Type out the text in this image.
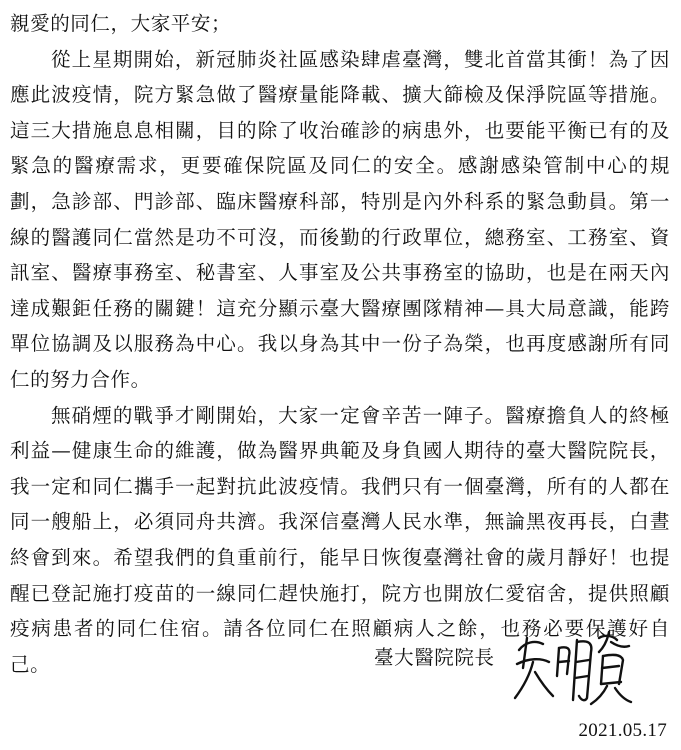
親愛的同仁，大家平安；

從上星期開始，新冠肺炎社區感染肆虐臺灣，雙北首當其衝！為了因應此波疫情，院方緊急做了醫療量能降載、擴大篩檢及保淨院區等措施。這三大措施息息相關，目的除了收治確診的病患外，也要能平衡已有的及緊急的醫療需求，更要確保院區及同仁的安全。感謝感染管制中心的規劃，急診部、門診部、臨床醫療科部，特別是內外科系的緊急動員。第一線的醫護同仁當然是功不可沒，而後勤的行政單位，總務室、工務室、資訊室、醫療事務室、秘書室、人事室及公共事務室的協助，也是在兩天內達成艱鉅任務的關鍵！這充分顯示臺大醫療團隊精神—具大局意識，能跨單位協調及以服務為中心。我以身為其中一份子為榮，也再度感謝所有同仁的努力合作。

無硝煙的戰爭才剛開始，大家一定會辛苦一陣子。醫療擔負人的終極利益—健康生命的維護，做為醫界典範及身負國人期待的臺大醫院院長，我一定和同仁攜手一起對抗此波疫情。我們只有一個臺灣，所有的人都在同一艘船上，必須同舟共濟。我深信臺灣人民水準，無論黑夜再長，白晝終會到來。希望我們的負重前行，能早日恢復臺灣社會的歲月靜好！也提醒已登記施打疫苗的一線同仁趕快施打，院方也開放仁愛宿舍，提供照顧疫病患者的同仁住宿。請各位同仁在照顧病人之餘，也務必要保護好自己。	臺大醫院院長

2021.05.17
